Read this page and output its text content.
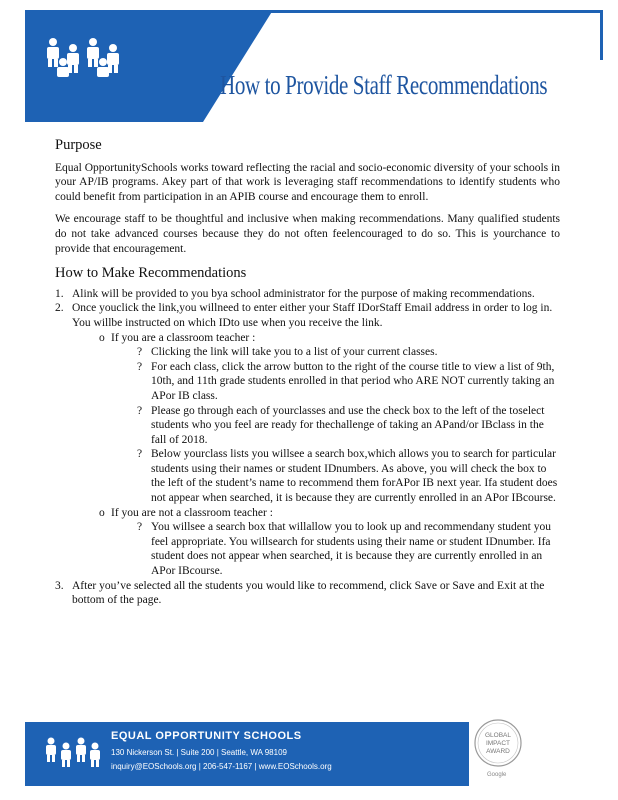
How to Provide Staff Recommendations
Purpose

Equal OpportunitySchools works toward reflecting the racial and socio-economic diversity of your schools in your AP/IB programs. Akey part of that work is leveraging staff recommendations to identify students who could benefit from participation in an APIB course and encourage them to enroll.

We encourage staff to be thoughtful and inclusive when making recommendations. Many qualified students do not take advanced courses because they do not often feelencouraged to do so. This is yourchance to provide that encouragement.

How to Make Recommendations
1. Alink will be provided to you bya school administrator for the purpose of making recommendations.
2. Once youclick the link,you willneed to enter either your Staff IDorStaff Email address in order to log in. You willbe instructed on which IDto use when you receive the link.
o If you are a classroom teacher :
? Clicking the link will take you to a list of your current classes.
? For each class, click the arrow button to the right of the course title to view a list of 9th, 10th, and 11th grade students enrolled in that period who ARE NOT currently taking an APor IB class.
? Please go through each of yourclasses and use the check box to the left of the toselect students who you feel are ready for thechallenge of taking an APand/or IBclass in the fall of 2018.
? Below yourclass lists you willsee a search box,which allows you to search for particular students using their names or student IDnumbers. As above, you will check the box to the left of the student’s name to recommend them forAPor IB next year. Ifa student does not appear when searched, it is because they are currently enrolled in an APor IBcourse.
o If you are not a classroom teacher :
? You willsee a search box that willallow you to look up and recommendany student you feel appropriate. You willsearch for students using their name or student IDnumber. Ifa student does not appear when searched, it is because they are currently enrolled in an APor IBcourse.
3. After you’ve selected all the students you would like to recommend, click Save or Save and Exit at the bottom of the page.
EQUAL OPPORTUNITY SCHOOLS
130 Nickerson St. | Suite 200 | Seattle, WA 98109
inquiry@EOSchools.org | 206-547-1167 | www.EOSchools.org
GLOBAL
IMPACT
AWARD
Google
